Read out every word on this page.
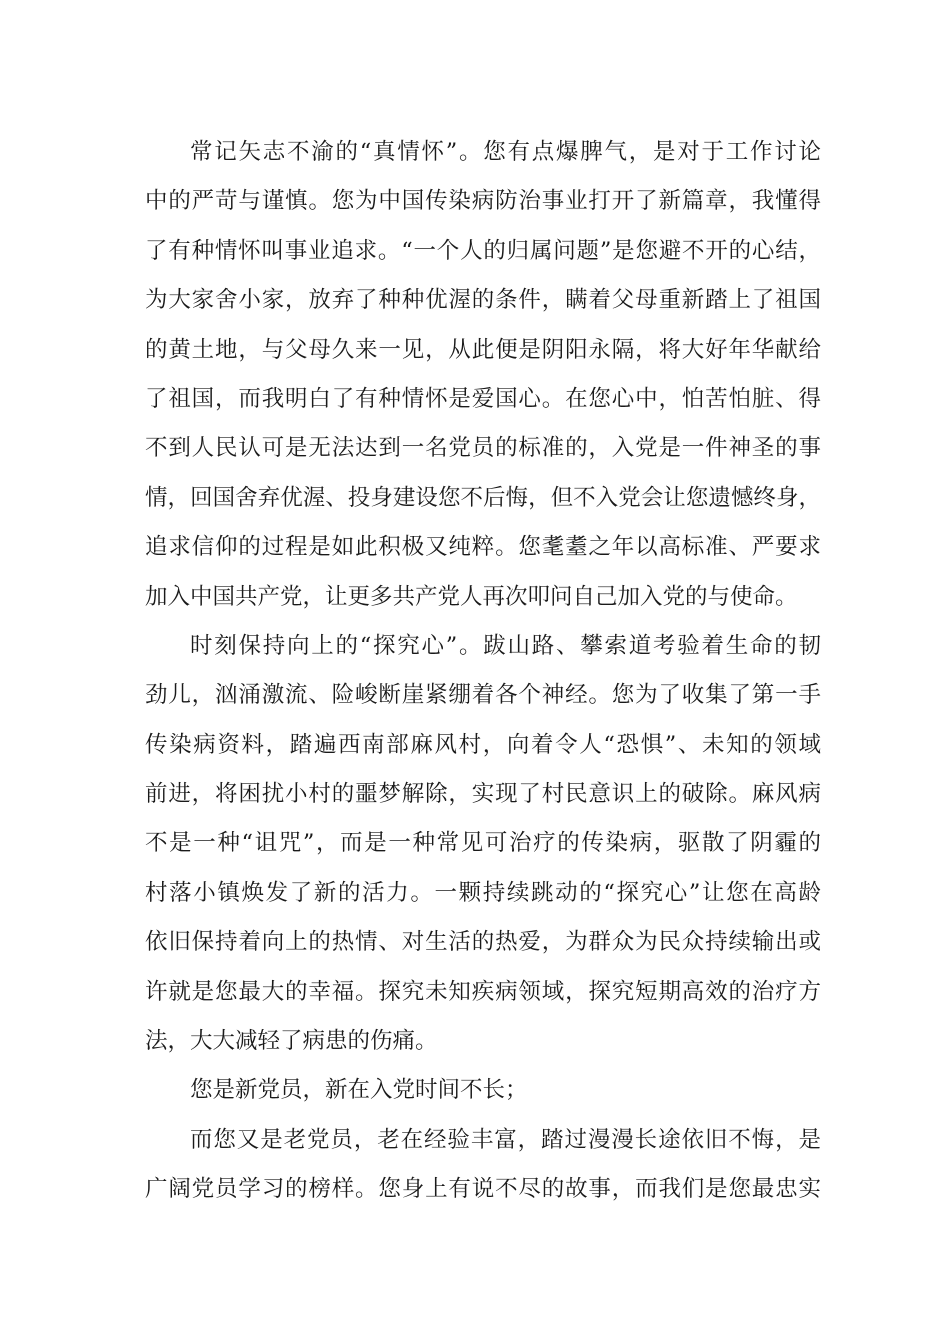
常记矢志不渝的“真情怀”。您有点爆脾气，是对于工作讨论
中的严苛与谨慎。您为中国传染病防治事业打开了新篇章，我懂得
了有种情怀叫事业追求。“一个人的归属问题”是您避不开的心结，
为大家舍小家，放弃了种种优渥的条件，瞒着父母重新踏上了祖国
的黄土地，与父母久来一见，从此便是阴阳永隔，将大好年华献给
了祖国，而我明白了有种情怀是爱国心。在您心中，怕苦怕脏、得
不到人民认可是无法达到一名党员的标准的，入党是一件神圣的事
情，回国舍弃优渥、投身建设您不后悔，但不入党会让您遗憾终身，
追求信仰的过程是如此积极又纯粹。您耄耋之年以高标准、严要求
加入中国共产党，让更多共产党人再次叩问自己加入党的与使命。
时刻保持向上的“探究心”。跋山路、攀索道考验着生命的韧
劲儿，汹涌激流、险峻断崖紧绷着各个神经。您为了收集了第一手
传染病资料，踏遍西南部麻风村，向着令人“恐惧”、未知的领域
前进，将困扰小村的噩梦解除，实现了村民意识上的破除。麻风病
不是一种“诅咒”，而是一种常见可治疗的传染病，驱散了阴霾的
村落小镇焕发了新的活力。一颗持续跳动的“探究心”让您在高龄
依旧保持着向上的热情、对生活的热爱，为群众为民众持续输出或
许就是您最大的幸福。探究未知疾病领域，探究短期高效的治疗方
法，大大减轻了病患的伤痛。
您是新党员，新在入党时间不长；
而您又是老党员，老在经验丰富，踏过漫漫长途依旧不悔，是
广阔党员学习的榜样。您身上有说不尽的故事，而我们是您最忠实
